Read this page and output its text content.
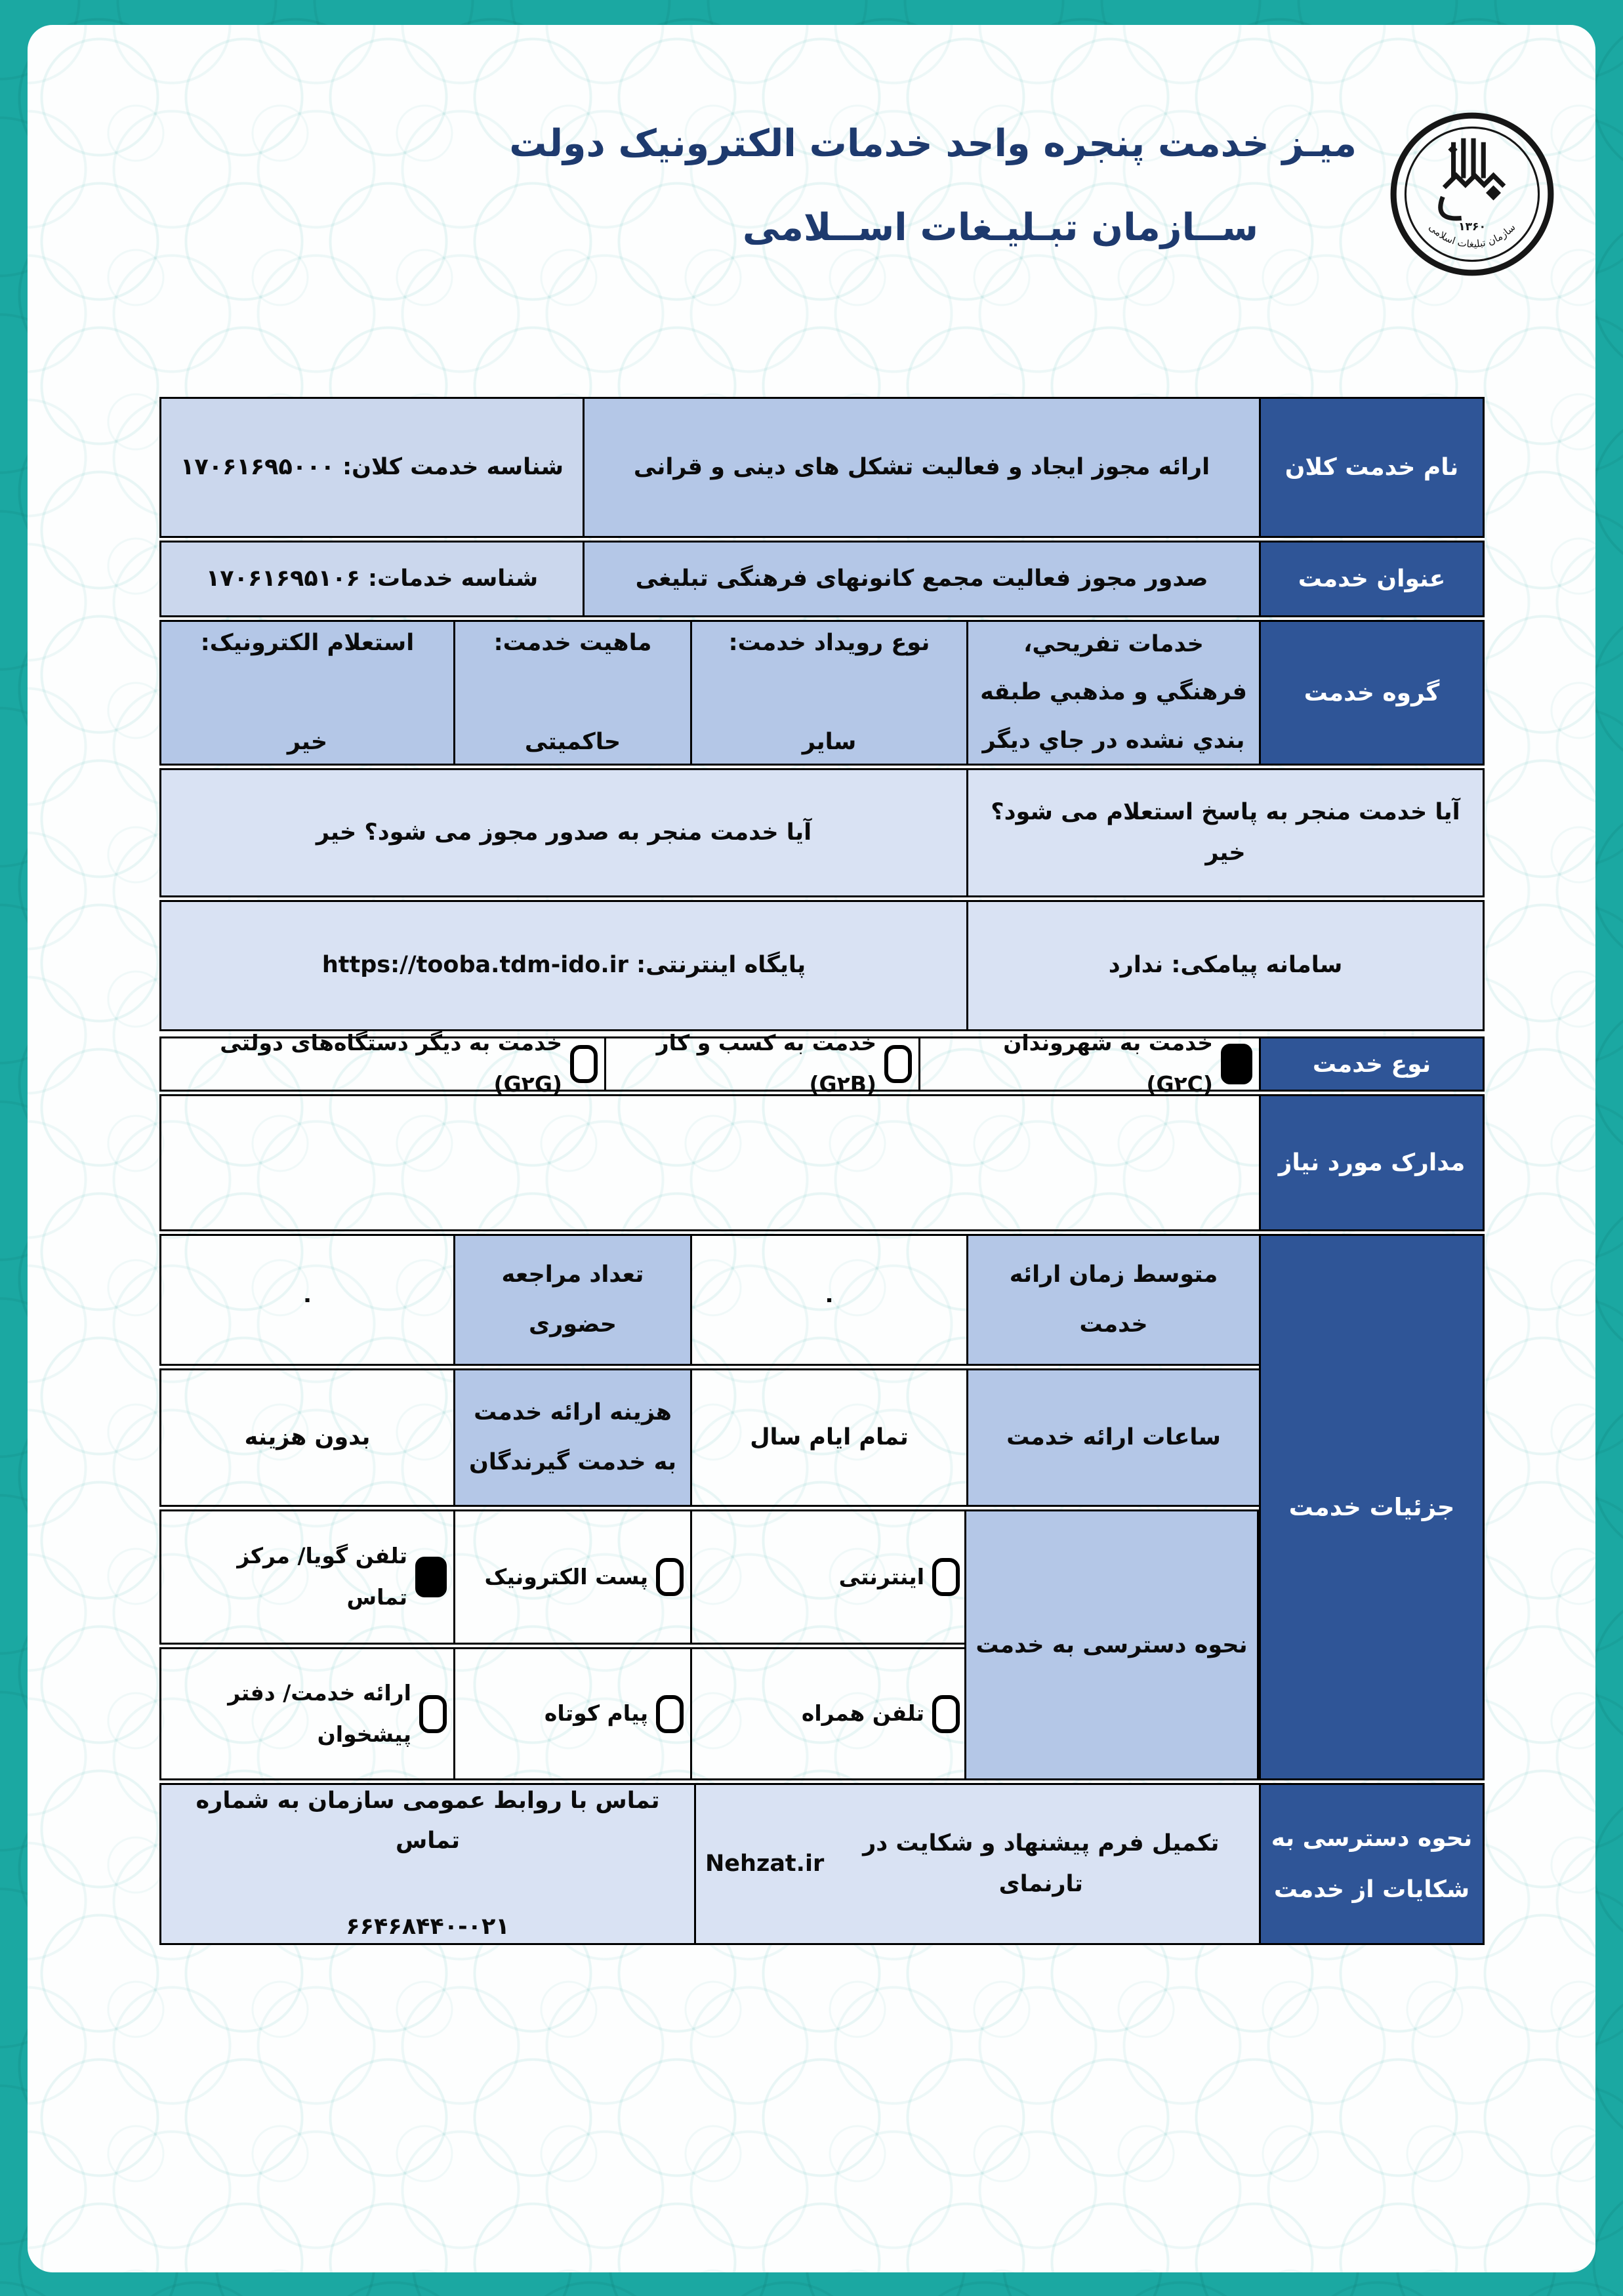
میـز خدمت پنجره واحد خدمات الکترونیک دولت
ســازمان تبـلیـغات اســلامی	۱۳۶۰
سازمان تبلیغات اسلامی
نام خدمت کلان
ارائه مجوز ایجاد و فعالیت تشکل های دینی و قرانی
شناسه خدمت کلان: ۱۷۰۶۱۶۹۵۰۰۰
عنوان خدمت
صدور مجوز فعالیت مجمع کانونهای فرهنگی تبلیغی
شناسه خدمات: ۱۷۰۶۱۶۹۵۱۰۶
گروه خدمت
خدمات تفريحي، فرهنگي و مذهبي طبقه بندي نشده در جاي ديگر
نوع رویداد خدمت:
سایر
ماهیت خدمت:
حاکمیتی
استعلام الکترونیک:
خیر
آیا خدمت منجر به پاسخ استعلام می شود؟ خیر
آیا خدمت منجر به صدور مجوز می شود؟ خیر
سامانه پیامکی: ندارد
پایگاه اینترنتی:

https://tooba.tdm-ido.ir
نوع خدمت
خدمت به شهروندان (G۲C)
خدمت به کسب و کار (G۲B)
خدمت به دیگر دستگاه‌های دولتی (G۲G)
مدارک مورد نیاز
متوسط زمان ارائه خدمت
۰
تعداد مراجعه حضوری
۰
ساعات ارائه خدمت
تمام ایام سال
هزینه ارائه خدمت به خدمت گیرندگان
بدون هزینه
اینترنتی
پست الکترونیک
تلفن گویا/ مرکز تماس
تلفن همراه
پیام کوتاه
ارائه خدمت/ دفتر پیشخوان
نحوه دسترسی به شکایات از خدمت
تکمیل فرم پیشنهاد و شکایت در تارنمای

Nehzat.ir
تماس با روابط عمومی سازمان به شماره تماس
۶۶۴۶۸۴۴۰-۰۲۱
جزئیات خدمت
نحوه دسترسی به خدمت
